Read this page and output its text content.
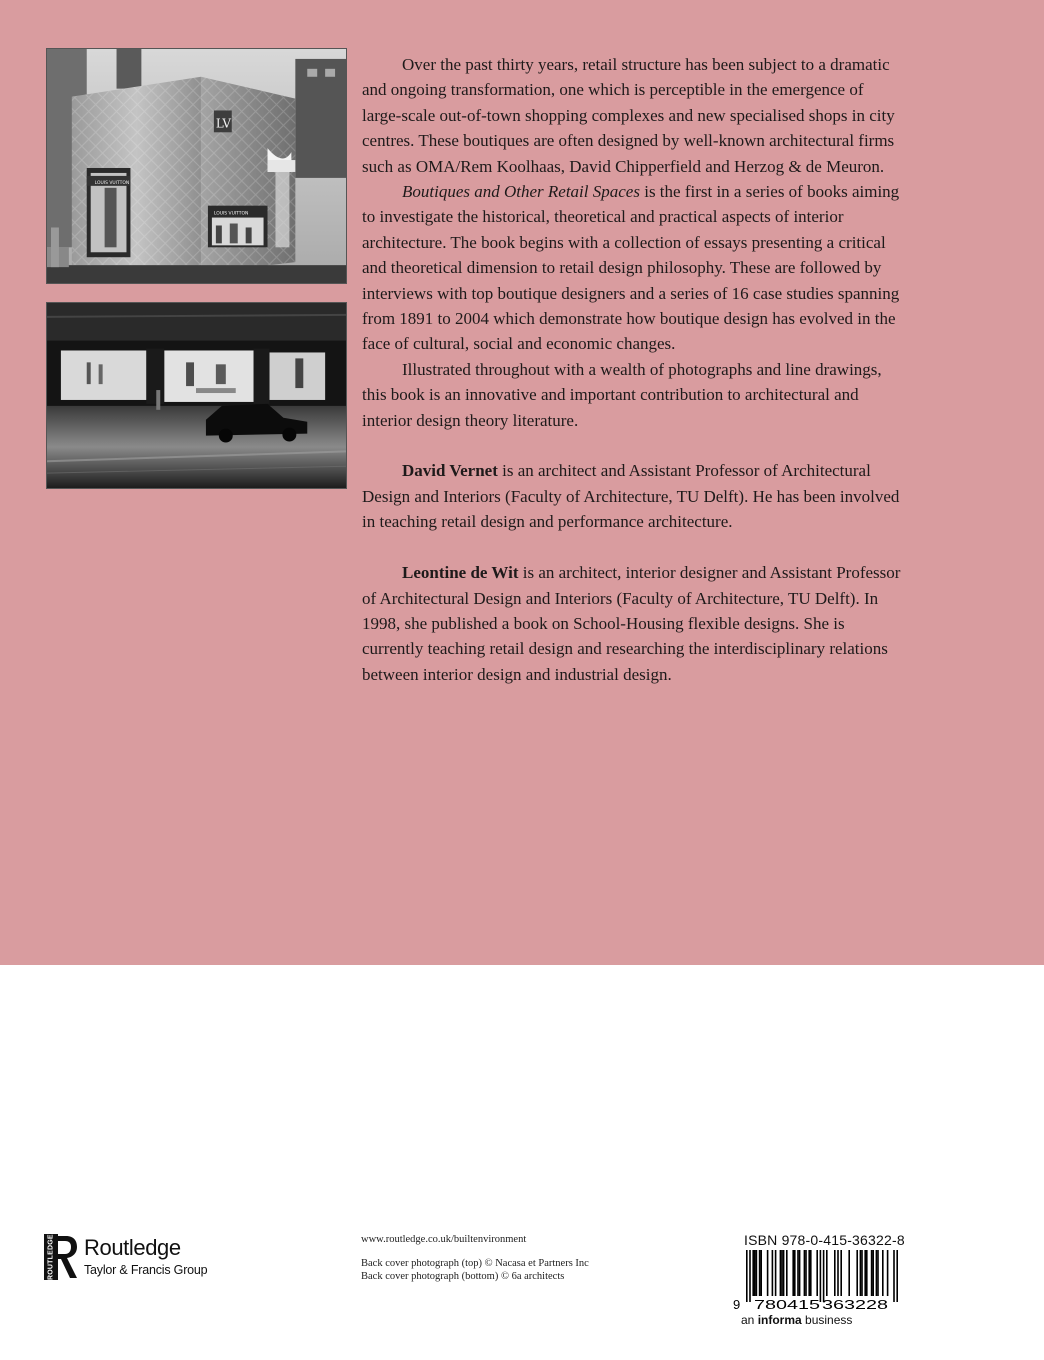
LV
LOUIS VUITTON
LOUIS VUITTON

Over the past thirty years, retail structure has been subject to a dramatic and ongoing transformation, one which is perceptible in the emergence of large-scale out-of-town shopping complexes and new specialised shops in city centres. These boutiques are often designed by well-known architectural firms such as OMA/Rem Koolhaas, David Chipperfield and Herzog & de Meuron.

Boutiques and Other Retail Spaces is the first in a series of books aiming to investigate the historical, theoretical and practical aspects of interior architecture. The book begins with a collection of essays presenting a critical and theoretical dimension to retail design philosophy. These are followed by interviews with top boutique designers and a series of 16 case studies spanning from 1891 to 2004 which demonstrate how boutique design has evolved in the face of cultural, social and economic changes.

Illustrated throughout with a wealth of photographs and line drawings, this book is an innovative and important contribution to architectural and interior design theory literature.

David Vernet is an architect and Assistant Professor of Architectural Design and Interiors (Faculty of Architecture, TU Delft). He has been involved in teaching retail design and performance architecture.

Leontine de Wit is an architect, interior designer and Assistant Professor of Architectural Design and Interiors (Faculty of Architecture, TU Delft). In 1998, she published a book on School-Housing flexible designs. She is currently teaching retail design and researching the interdisciplinary relations between interior design and industrial design.

ROUTLEDGE Routledge
Taylor & Francis Group
www.routledge.co.uk/builtenvironment
Back cover photograph (top) © Nacasa et Partners Inc
Back cover photograph (bottom) © 6a architects
ISBN 978-0-415-36322-8
9 780415 363228
an informa business
